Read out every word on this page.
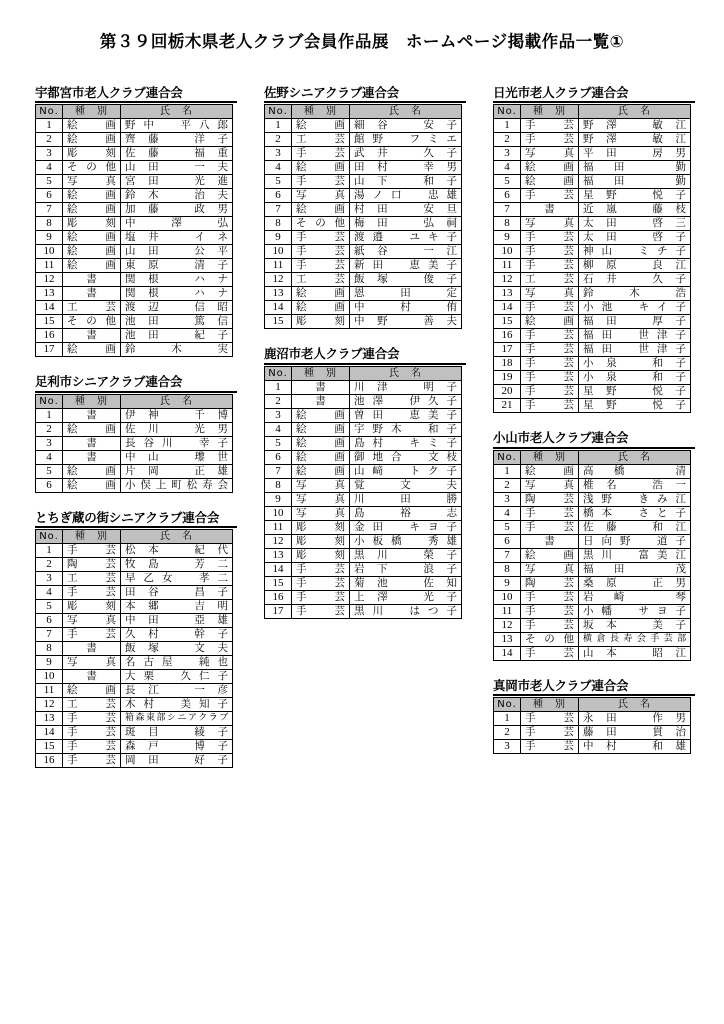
第３９回栃木県老人クラブ会員作品展　ホームページ掲載作品一覧①
宇都宮市老人クラブ連合会
No.	種　別	氏　名
1	絵　画	野中　平八郎

2	絵　画	齊藤　洋子

3	彫　刻	佐藤　福重

4	そ の 他	山田　一夫

5	写　真	宮田　光進

6	絵　画	鈴木　治夫

7	絵　画	加藤　政男

8	彫　刻	中　澤　弘

9	絵　画	塩井　イネ

10	絵　画	山田　公平

11	絵　画	東原　清子

12	書	関根　ハナ

13	書	関根　ハナ

14	工　芸	渡辺　信昭

15	そ の 他	池田　篤信

16	書	池田　紀子

17	絵　画	鈴　木　実
足利市シニアクラブ連合会
No.	種　別	氏　名
1	書	伊神　千博

2	絵　画	佐川　光男

3	書	長谷川　幸子

4	書	中山　瓈世

5	絵　画	片岡　正雄

6	絵　画	小俣上町松寿会
とちぎ蔵の街シニアクラブ連合会
No.	種　別	氏　名
1	手　芸	松本　紀代

2	陶　芸	牧島　芳二

3	工　芸	早乙女　孝二

4	手　芸	田谷　昌子

5	彫　刻	本郷　吉明

6	写　真	中田　亞雄

7	手　芸	久村　幹子

8	書	飯塚　文夫

9	写　真	名古屋　純也

10	書	大栗　久仁子

11	絵　画	長江　一彦

12	工　芸	木村　美知子

13	手　芸	箱森東部シニアクラブ

14	手　芸	斑目　綾子

15	手　芸	森戸　博子

16	手　芸	岡田　好子
佐野シニアクラブ連合会
No.	種　別	氏　名
1	絵　画	細谷　安子

2	工　芸	館野　フミエ

3	手　芸	武井　久子

4	絵　画	田村　幸男

5	手　芸	山下　和子

6	写　真	湯ノ口　忠雄

7	絵　画	村田　安旦

8	そ の 他	梅田　弘祠

9	手　芸	渡邉　ユキ子

10	手　芸	紙谷　一江

11	手　芸	新田　恵美子

12	工　芸	飯塚　俊子

13	絵　画	恩　田　定

14	絵　画	中　村　侑

15	彫　刻	中野　善夫
鹿沼市老人クラブ連合会
No.	種　別	氏　名
1	書	川津　明子

2	書	池澤　伊久子

3	絵　画	曽田　恵美子

4	絵　画	宇野木　和子

5	絵　画	島村　キミ子

6	絵　画	御地合　文枝

7	絵　画	山﨑　トク子

8	写　真	覚　文　夫

9	写　真	川　田　勝

10	写　真	島　裕　志

11	彫　刻	金田　キヨ子

12	彫　刻	小板橋　秀雄

13	彫　刻	黒川　榮子

14	手　芸	岩下　浪子

15	手　芸	菊池　佐知

16	手　芸	上澤　光子

17	手　芸	黒川　はつ子
日光市老人クラブ連合会
No.	種　別	氏　名
1	手　芸	野澤　敏江

2	手　芸	野澤　敏江

3	写　真	平田　房男

4	絵　画	福田　勤

5	絵　画	福田　勤

6	手　芸	星野　悦子

7	書	近嵐　藤枝

8	写　真	太田　啓三

9	手　芸	太田　啓子

10	手　芸	神山　ミチ子

11	手　芸	柳原　良江

12	工　芸	石井　久子

13	写　真	鈴　木　浩

14	手　芸	小池　キイ子

15	絵　画	福田　厚子

16	手　芸	福田　世津子

17	手　芸	福田　世津子

18	手　芸	小泉　和子

19	手　芸	小泉　和子

20	手　芸	星野　悦子

21	手　芸	星野　悦子
小山市老人クラブ連合会
No.	種　別	氏　名
1	絵　画	高橋　清

2	写　真	椎名　浩一

3	陶　芸	浅野　きみ江

4	手　芸	橋本　さと子

5	手　芸	佐藤　和江

6	書	日向野　道子

7	絵　画	黒川　富美江

8	写　真	福田　茂

9	陶　芸	桑原　正男

10	手　芸	岩崎　琴

11	手　芸	小幡　サヨ子

12	手　芸	坂本　美子

13	そ の 他	横倉長寿会手芸部

14	手　芸	山本　昭江
真岡市老人クラブ連合会
No.	種　別	氏　名
1	手　芸	永田　作男

2	手　芸	藤田　貫治

3	手　芸	中村　和雄
